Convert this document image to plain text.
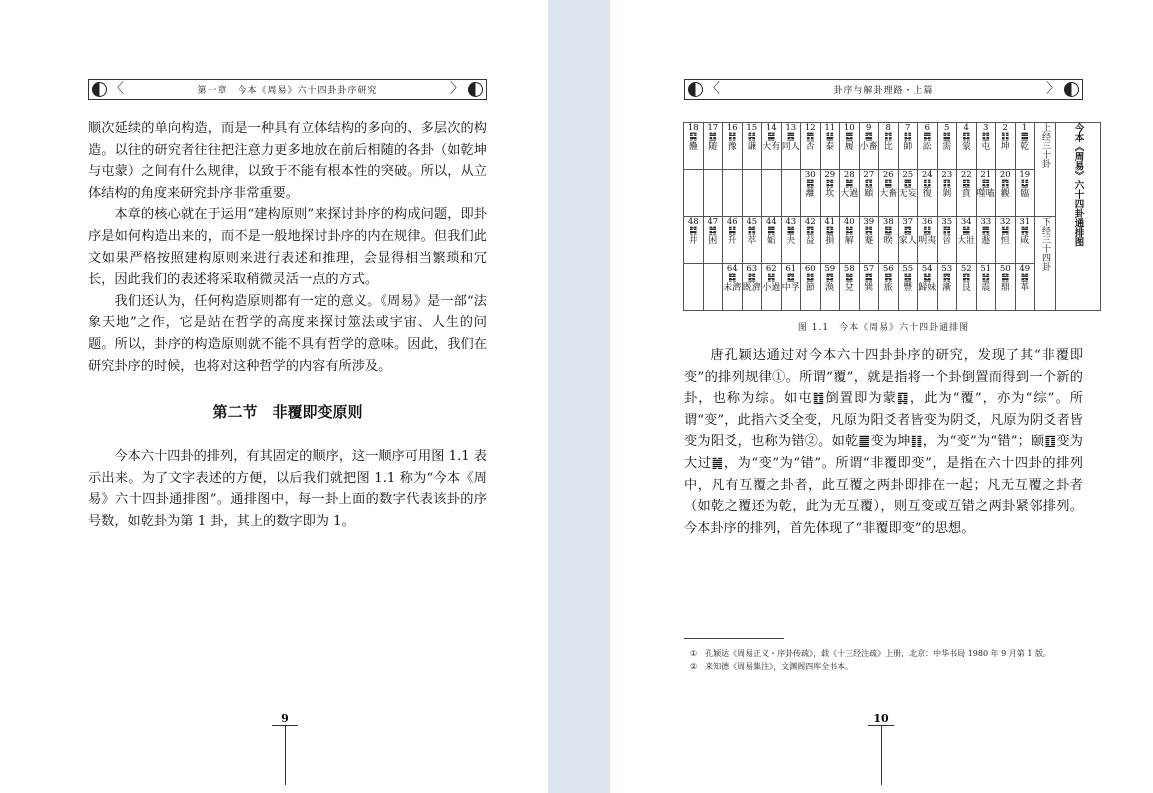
〈	第一章　今本《周易》六十四卦卦序研究	〉

顺次延续的单向构造，而是一种具有立体结构的多向的、多层次的构造。以往的研究者往往把注意力更多地放在前后相随的各卦（如乾坤与屯蒙）之间有什么规律，以致于不能有根本性的突破。所以，从立体结构的角度来研究卦序非常重要。

本章的核心就在于运用“建构原则”来探讨卦序的构成问题，即卦序是如何构造出来的，而不是一般地探讨卦序的内在规律。但我们此文如果严格按照建构原则来进行表述和推理，会显得相当繁琐和冗长，因此我们的表述将采取稍微灵活一点的方式。

我们还认为，任何构造原则都有一定的意义。《周易》是一部“法象天地”之作，它是站在哲学的高度来探讨筮法或宇宙、人生的问题。所以，卦序的构造原则就不能不具有哲学的意味。因此，我们在研究卦序的时候，也将对这种哲学的内容有所涉及。

第二节　非覆即变原则

今本六十四卦的排列，有其固定的顺序，这一顺序可用图 1.1 表示出来。为了文字表述的方便，以后我们就把图 1.1 称为“今本《周易》六十四卦通排图”。通排图中，每一卦上面的数字代表该卦的序号数，如乾卦为第 1 卦，其上的数字即为 1。

9
〈	卦序与解卦理路・上篇	〉
18
䷑
蠱	17
䷐
随	16
䷏
豫	15
䷎
谦	14
䷍
大有	13
䷌
同人	12
䷋
否	11
䷊
泰	10
䷉
履	9
䷈
小畜	8
䷇
比	7
䷆
師	6
䷅
訟	5
䷄
需	4
䷃
蒙	3
䷂
屯	2
䷁
坤	1
䷀
乾	上经三十卦	今本《周易》六十四卦通排图

						30
䷝
離	29
䷜
坎	28
䷛
大過	27
䷚
頤	26
䷙
大畜	25
䷘
无妄	24
䷗
復	23
䷖
剝	22
䷕
賁	21
䷔
噬嗑	20
䷓
觀	19
䷒
臨		

48
䷯
井	47
䷮
困	46
䷭
升	45
䷬
萃	44
䷫
姤	43
䷪
夬	42
䷩
益	41
䷨
損	40
䷧
解	39
䷦
蹇	38
䷥
睽	37
䷤
家人	36
䷣
明夷	35
䷢
晉	34
䷡
大壯	33
䷠
遯	32
䷟
恒	31
䷞
咸	下经三十四卦	

		64
䷿
未濟	63
䷾
既濟	62
䷽
小過	61
䷼
中孚	60
䷻
節	59
䷺
渙	58
䷹
兌	57
䷸
巽	56
䷷
旅	55
䷶
豐	54
䷵
歸妹	53
䷴
漸	52
䷳
艮	51
䷲
震	50
䷱
鼎	49
䷰
革		
图 1.1　今本《周易》六十四卦通排图

唐孔颖达通过对今本六十四卦卦序的研究，发现了其“非覆即变”的排列规律①。所谓“覆”，就是指将一个卦倒置而得到一个新的卦，也称为综。如屯䷂倒置即为蒙䷃，此为“覆”，亦为“综”。所谓“变”，此指六爻全变，凡原为阳爻者皆变为阴爻，凡原为阴爻者皆变为阳爻，也称为错②。如乾䷀变为坤䷁，为“变”为“错”；颐䷚变为大过䷛，为“变”为“错”。所谓“非覆即变”，是指在六十四卦的排列中，凡有互覆之卦者，此互覆之两卦即排在一起；凡无互覆之卦者（如乾之覆还为乾，此为无互覆），则互变或互错之两卦紧邻排列。今本卦序的排列，首先体现了“非覆即变”的思想。

① 孔颖达《周易正义・序卦传疏》，载《十三经注疏》上册，北京：中华书局 1980 年 9 月第 1 版。

② 来知德《周易集注》，文渊阁四库全书本。

10
